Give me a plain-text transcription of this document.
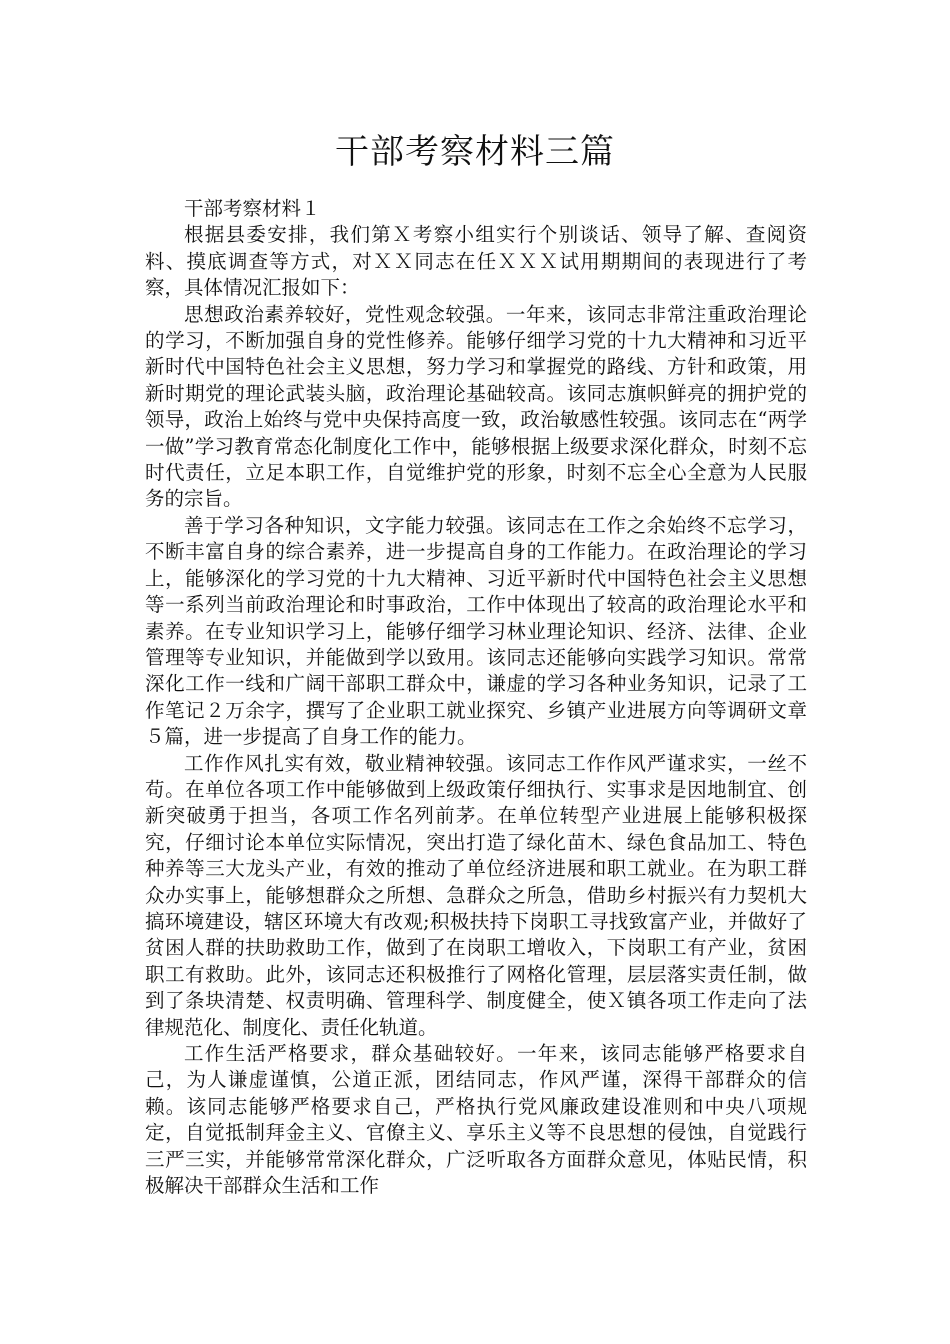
干部考察材料三篇

干部考察材料１

根据县委安排，我们第Ｘ考察小组实行个别谈话、领导了解、查阅资料、摸底调查等方式，对ＸＸ同志在任ＸＸＸ试用期期间的表现进行了考察，具体情况汇报如下：

思想政治素养较好，党性观念较强。一年来，该同志非常注重政治理论的学习，不断加强自身的党性修养。能够仔细学习党的十九大精神和习近平新时代中国特色社会主义思想，努力学习和掌握党的路线、方针和政策，用新时期党的理论武装头脑，政治理论基础较高。该同志旗帜鲜亮的拥护党的领导，政治上始终与党中央保持高度一致，政治敏感性较强。该同志在“两学一做”学习教育常态化制度化工作中，能够根据上级要求深化群众，时刻不忘时代责任，立足本职工作，自觉维护党的形象，时刻不忘全心全意为人民服务的宗旨。

善于学习各种知识，文字能力较强。该同志在工作之余始终不忘学习，不断丰富自身的综合素养，进一步提高自身的工作能力。在政治理论的学习上，能够深化的学习党的十九大精神、习近平新时代中国特色社会主义思想等一系列当前政治理论和时事政治，工作中体现出了较高的政治理论水平和素养。在专业知识学习上，能够仔细学习林业理论知识、经济、法律、企业管理等专业知识，并能做到学以致用。该同志还能够向实践学习知识。常常深化工作一线和广阔干部职工群众中，谦虚的学习各种业务知识，记录了工作笔记２万余字，撰写了企业职工就业探究、乡镇产业进展方向等调研文章５篇，进一步提高了自身工作的能力。

工作作风扎实有效，敬业精神较强。该同志工作作风严谨求实，一丝不苟。在单位各项工作中能够做到上级政策仔细执行、实事求是因地制宜、创新突破勇于担当，各项工作名列前茅。在单位转型产业进展上能够积极探究，仔细讨论本单位实际情况，突出打造了绿化苗木、绿色食品加工、特色种养等三大龙头产业，有效的推动了单位经济进展和职工就业。在为职工群众办实事上，能够想群众之所想、急群众之所急，借助乡村振兴有力契机大搞环境建设，辖区环境大有改观;积极扶持下岗职工寻找致富产业，并做好了贫困人群的扶助救助工作，做到了在岗职工增收入，下岗职工有产业，贫困职工有救助。此外，该同志还积极推行了网格化管理，层层落实责任制，做到了条块清楚、权责明确、管理科学、制度健全，使Ｘ镇各项工作走向了法律规范化、制度化、责任化轨道。

工作生活严格要求，群众基础较好。一年来，该同志能够严格要求自己，为人谦虚谨慎，公道正派，团结同志，作风严谨，深得干部群众的信赖。该同志能够严格要求自己，严格执行党风廉政建设准则和中央八项规定，自觉抵制拜金主义、官僚主义、享乐主义等不良思想的侵蚀，自觉践行三严三实，并能够常常深化群众，广泛听取各方面群众意见，体贴民情，积极解决干部群众生活和工作
